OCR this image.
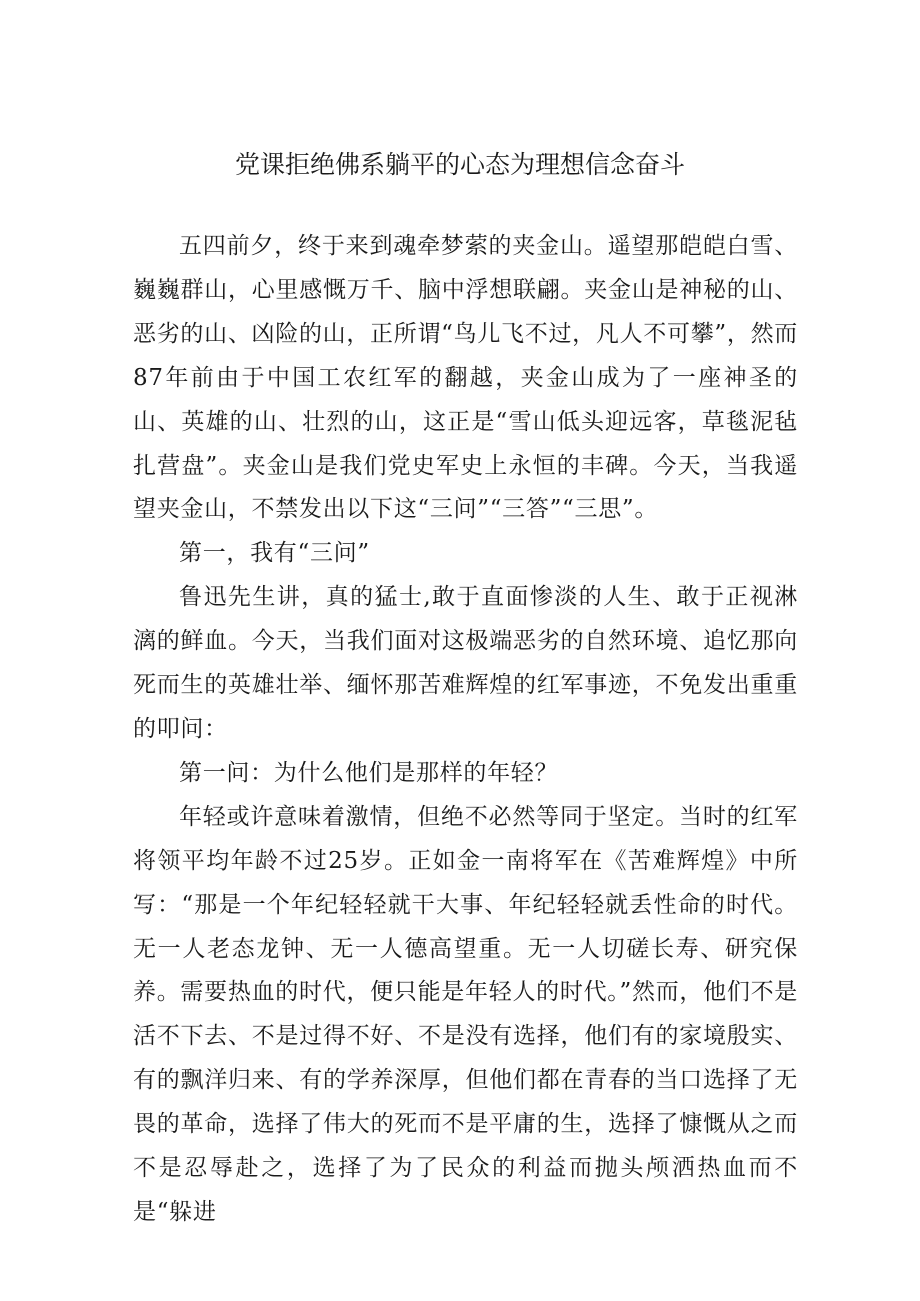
党课拒绝佛系躺平的心态为理想信念奋斗

五四前夕，终于来到魂牵梦萦的夹金山。遥望那皑皑白雪、巍巍群山，心里感慨万千、脑中浮想联翩。夹金山是神秘的山、恶劣的山、凶险的山，正所谓“鸟儿飞不过，凡人不可攀”，然而87年前由于中国工农红军的翻越，夹金山成为了一座神圣的山、英雄的山、壮烈的山，这正是“雪山低头迎远客，草毯泥毡扎营盘”。夹金山是我们党史军史上永恒的丰碑。今天，当我遥望夹金山，不禁发出以下这“三问”“三答”“三思”。

第一，我有“三问”

鲁迅先生讲，真的猛士,敢于直面惨淡的人生、敢于正视淋漓的鲜血。今天，当我们面对这极端恶劣的自然环境、追忆那向死而生的英雄壮举、缅怀那苦难辉煌的红军事迹，不免发出重重的叩问：

第一问：为什么他们是那样的年轻？

年轻或许意味着激情，但绝不必然等同于坚定。当时的红军将领平均年龄不过25岁。正如金一南将军在《苦难辉煌》中所写：“那是一个年纪轻轻就干大事、年纪轻轻就丢性命的时代。无一人老态龙钟、无一人德高望重。无一人切磋长寿、研究保养。需要热血的时代，便只能是年轻人的时代。”然而，他们不是活不下去、不是过得不好、不是没有选择，他们有的家境殷实、有的飘洋归来、有的学养深厚，但他们都在青春的当口选择了无畏的革命，选择了伟大的死而不是平庸的生，选择了慷慨从之而不是忍辱赴之，选择了为了民众的利益而抛头颅洒热血而不是“躲进
